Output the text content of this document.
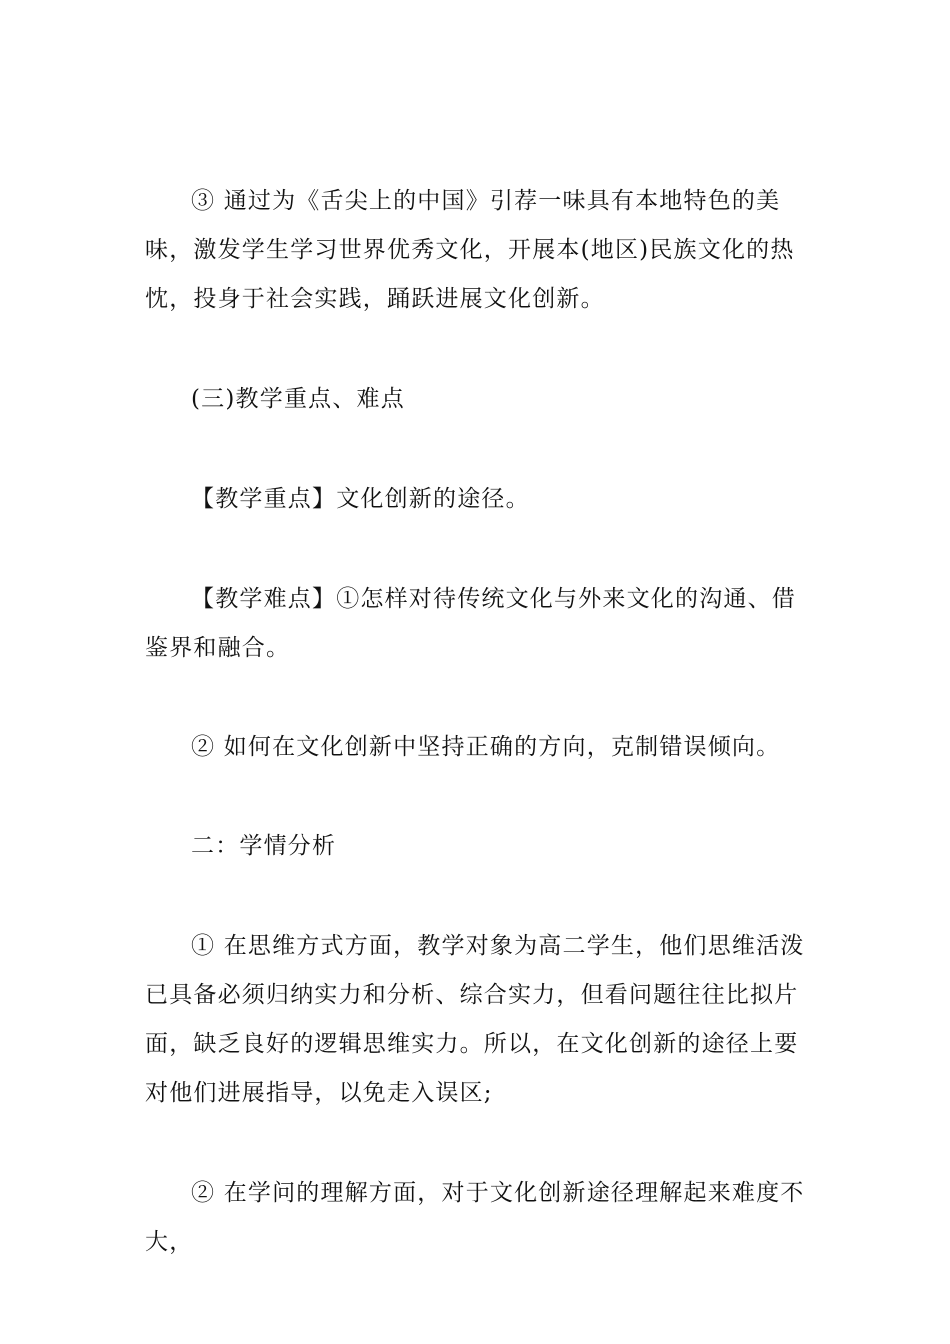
③ 通过为《舌尖上的中国》引荐一味具有本地特色的美味，激发学生学习世界优秀文化，开展本(地区)民族文化的热忱，投身于社会实践，踊跃进展文化创新。

(三)教学重点、难点

【教学重点】文化创新的途径。

【教学难点】①怎样对待传统文化与外来文化的沟通、借鉴界和融合。

② 如何在文化创新中坚持正确的方向，克制错误倾向。

二：学情分析

① 在思维方式方面，教学对象为高二学生，他们思维活泼已具备必须归纳实力和分析、综合实力，但看问题往往比拟片面，缺乏良好的逻辑思维实力。所以，在文化创新的途径上要对他们进展指导，以免走入误区;

② 在学问的理解方面，对于文化创新途径理解起来难度不大，
